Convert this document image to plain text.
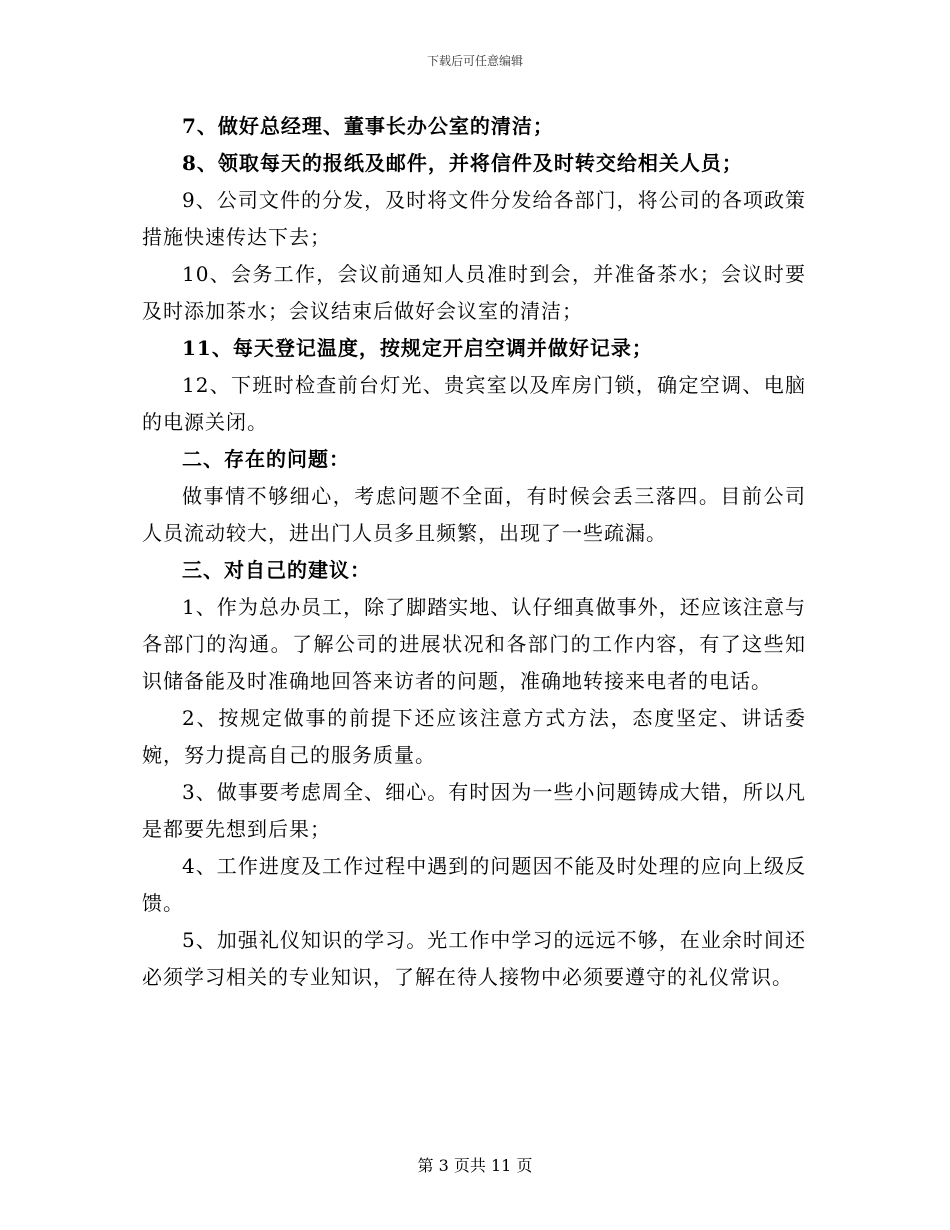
下载后可任意编辑

7、做好总经理、董事长办公室的清洁；

8、领取每天的报纸及邮件，并将信件及时转交给相关人员；

9、公司文件的分发，及时将文件分发给各部门，将公司的各项政策措施快速传达下去；

10、会务工作，会议前通知人员准时到会，并准备茶水；会议时要及时添加茶水；会议结束后做好会议室的清洁；

11、每天登记温度，按规定开启空调并做好记录；

12、下班时检查前台灯光、贵宾室以及库房门锁，确定空调、电脑的电源关闭。

二、存在的问题：

做事情不够细心，考虑问题不全面，有时候会丢三落四。目前公司人员流动较大，进出门人员多且频繁，出现了一些疏漏。

三、对自己的建议：

1、作为总办员工，除了脚踏实地、认仔细真做事外，还应该注意与各部门的沟通。了解公司的进展状况和各部门的工作内容，有了这些知识储备能及时准确地回答来访者的问题，准确地转接来电者的电话。

2、按规定做事的前提下还应该注意方式方法，态度坚定、讲话委婉，努力提高自己的服务质量。

3、做事要考虑周全、细心。有时因为一些小问题铸成大错，所以凡是都要先想到后果；

4、工作进度及工作过程中遇到的问题因不能及时处理的应向上级反馈。

5、加强礼仪知识的学习。光工作中学习的远远不够，在业余时间还必须学习相关的专业知识，了解在待人接物中必须要遵守的礼仪常识。

第 3 页共 11 页
